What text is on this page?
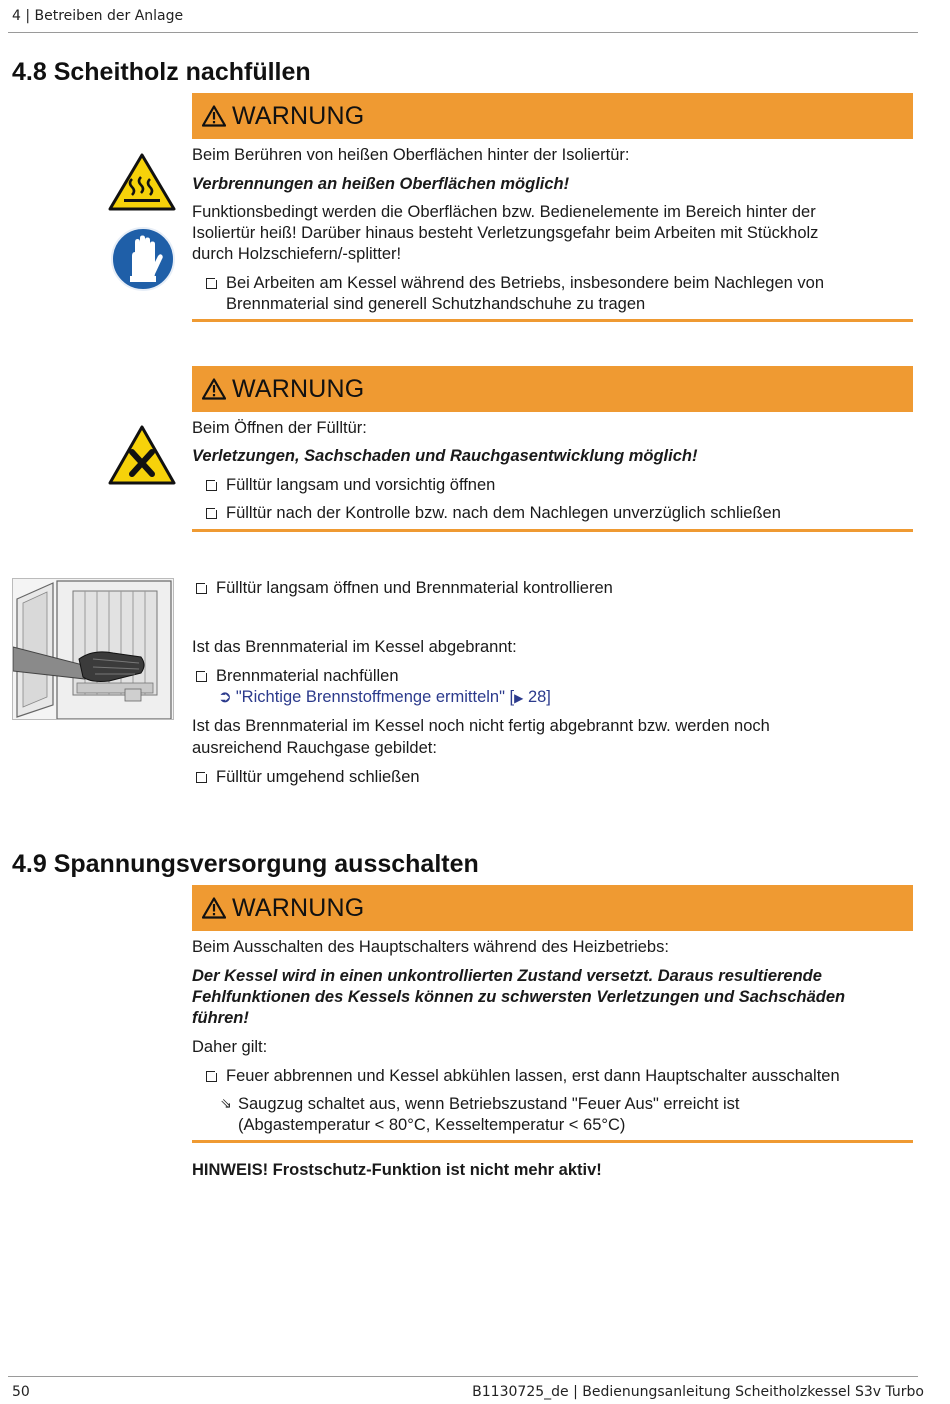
4 | Betreiben der Anlage
4.8 Scheitholz nachfüllen
WARNUNG
Beim Berühren von heißen Oberflächen hinter der Isoliertür:
Verbrennungen an heißen Oberflächen möglich!
Funktionsbedingt werden die Oberflächen bzw. Bedienelemente im Bereich hinter der
Isoliertür heiß! Darüber hinaus besteht Verletzungsgefahr beim Arbeiten mit Stückholz
durch Holzschiefern/-splitter!
Bei Arbeiten am Kessel während des Betriebs, insbesondere beim Nachlegen von
Brennmaterial sind generell Schutzhandschuhe zu tragen
WARNUNG
Beim Öffnen der Fülltür:
Verletzungen, Sachschaden und Rauchgasentwicklung möglich!
Fülltür langsam und vorsichtig öffnen
Fülltür nach der Kontrolle bzw. nach dem Nachlegen unverzüglich schließen
Fülltür langsam öffnen und Brennmaterial kontrollieren
Ist das Brennmaterial im Kessel abgebrannt:
Brennmaterial nachfüllen
➲ "Richtige Brennstoffmenge ermitteln" [▶ 28]
Ist das Brennmaterial im Kessel noch nicht fertig abgebrannt bzw. werden noch
ausreichend Rauchgase gebildet:
Fülltür umgehend schließen
4.9 Spannungsversorgung ausschalten
WARNUNG
Beim Ausschalten des Hauptschalters während des Heizbetriebs:
Der Kessel wird in einen unkontrollierten Zustand versetzt. Daraus resultierende
Fehlfunktionen des Kessels können zu schwersten Verletzungen und Sachschäden
führen!
Daher gilt:
Feuer abbrennen und Kessel abkühlen lassen, erst dann Hauptschalter ausschalten
⇘ Saugzug schaltet aus, wenn Betriebszustand "Feuer Aus" erreicht ist
(Abgastemperatur < 80°C, Kesseltemperatur < 65°C)
HINWEIS! Frostschutz-Funktion ist nicht mehr aktiv!
50	B1130725_de | Bedienungsanleitung Scheitholzkessel S3v Turbo
